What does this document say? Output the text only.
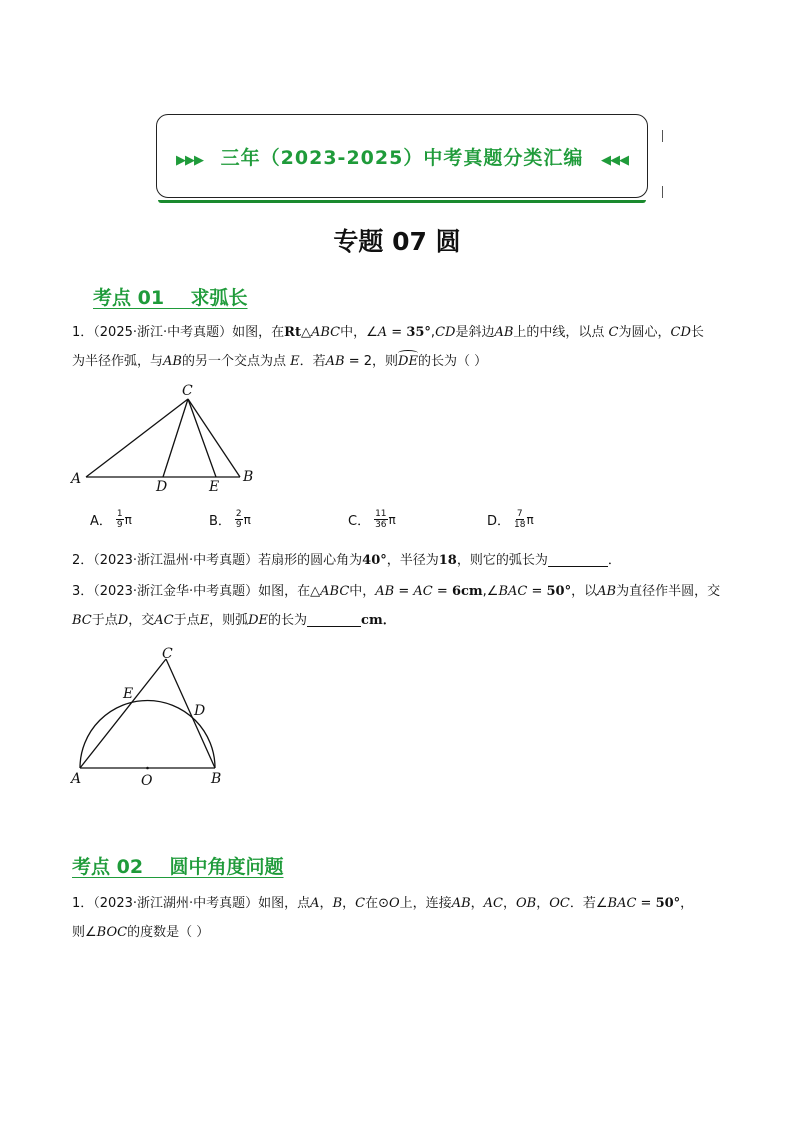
▶▶▶ 三年（2023-2025）中考真题分类汇编 ◀◀◀
专题 07 圆
考点 01    求弧长
1．（2025·浙江·中考真题）如图，在Rt△ABC中，∠A = 35°,CD是斜边AB上的中线，以点 C为圆心，CD长
为半径作弧，与AB的另一个交点为点 E．若AB = 2，则DE
的长为（ ）
C
A	D	E
B
A． $\frac{1}{9}$ π	B． $\frac{2}{9}$ π	C． $\frac{11}{36}$ π	D． $\frac{7}{18}$ π
2．（2023·浙江温州·中考真题）若扇形的圆心角为40°，半径为18，则它的弧长为	．
3．（2023·浙江金华·中考真题）如图，在△ABC中，AB = AC = 6cm,∠BAC = 50°，以AB为直径作半圆，交
BC于点D，交AC于点E，则弧DE的长为	cm．
C
E
D
A	O	B
考点 02    圆中角度问题
1．（2023·浙江湖州·中考真题）如图，点A，B，C在⊙O上，连接AB，AC，OB，OC．若∠BAC = 50°，
则∠BOC的度数是（ ）
